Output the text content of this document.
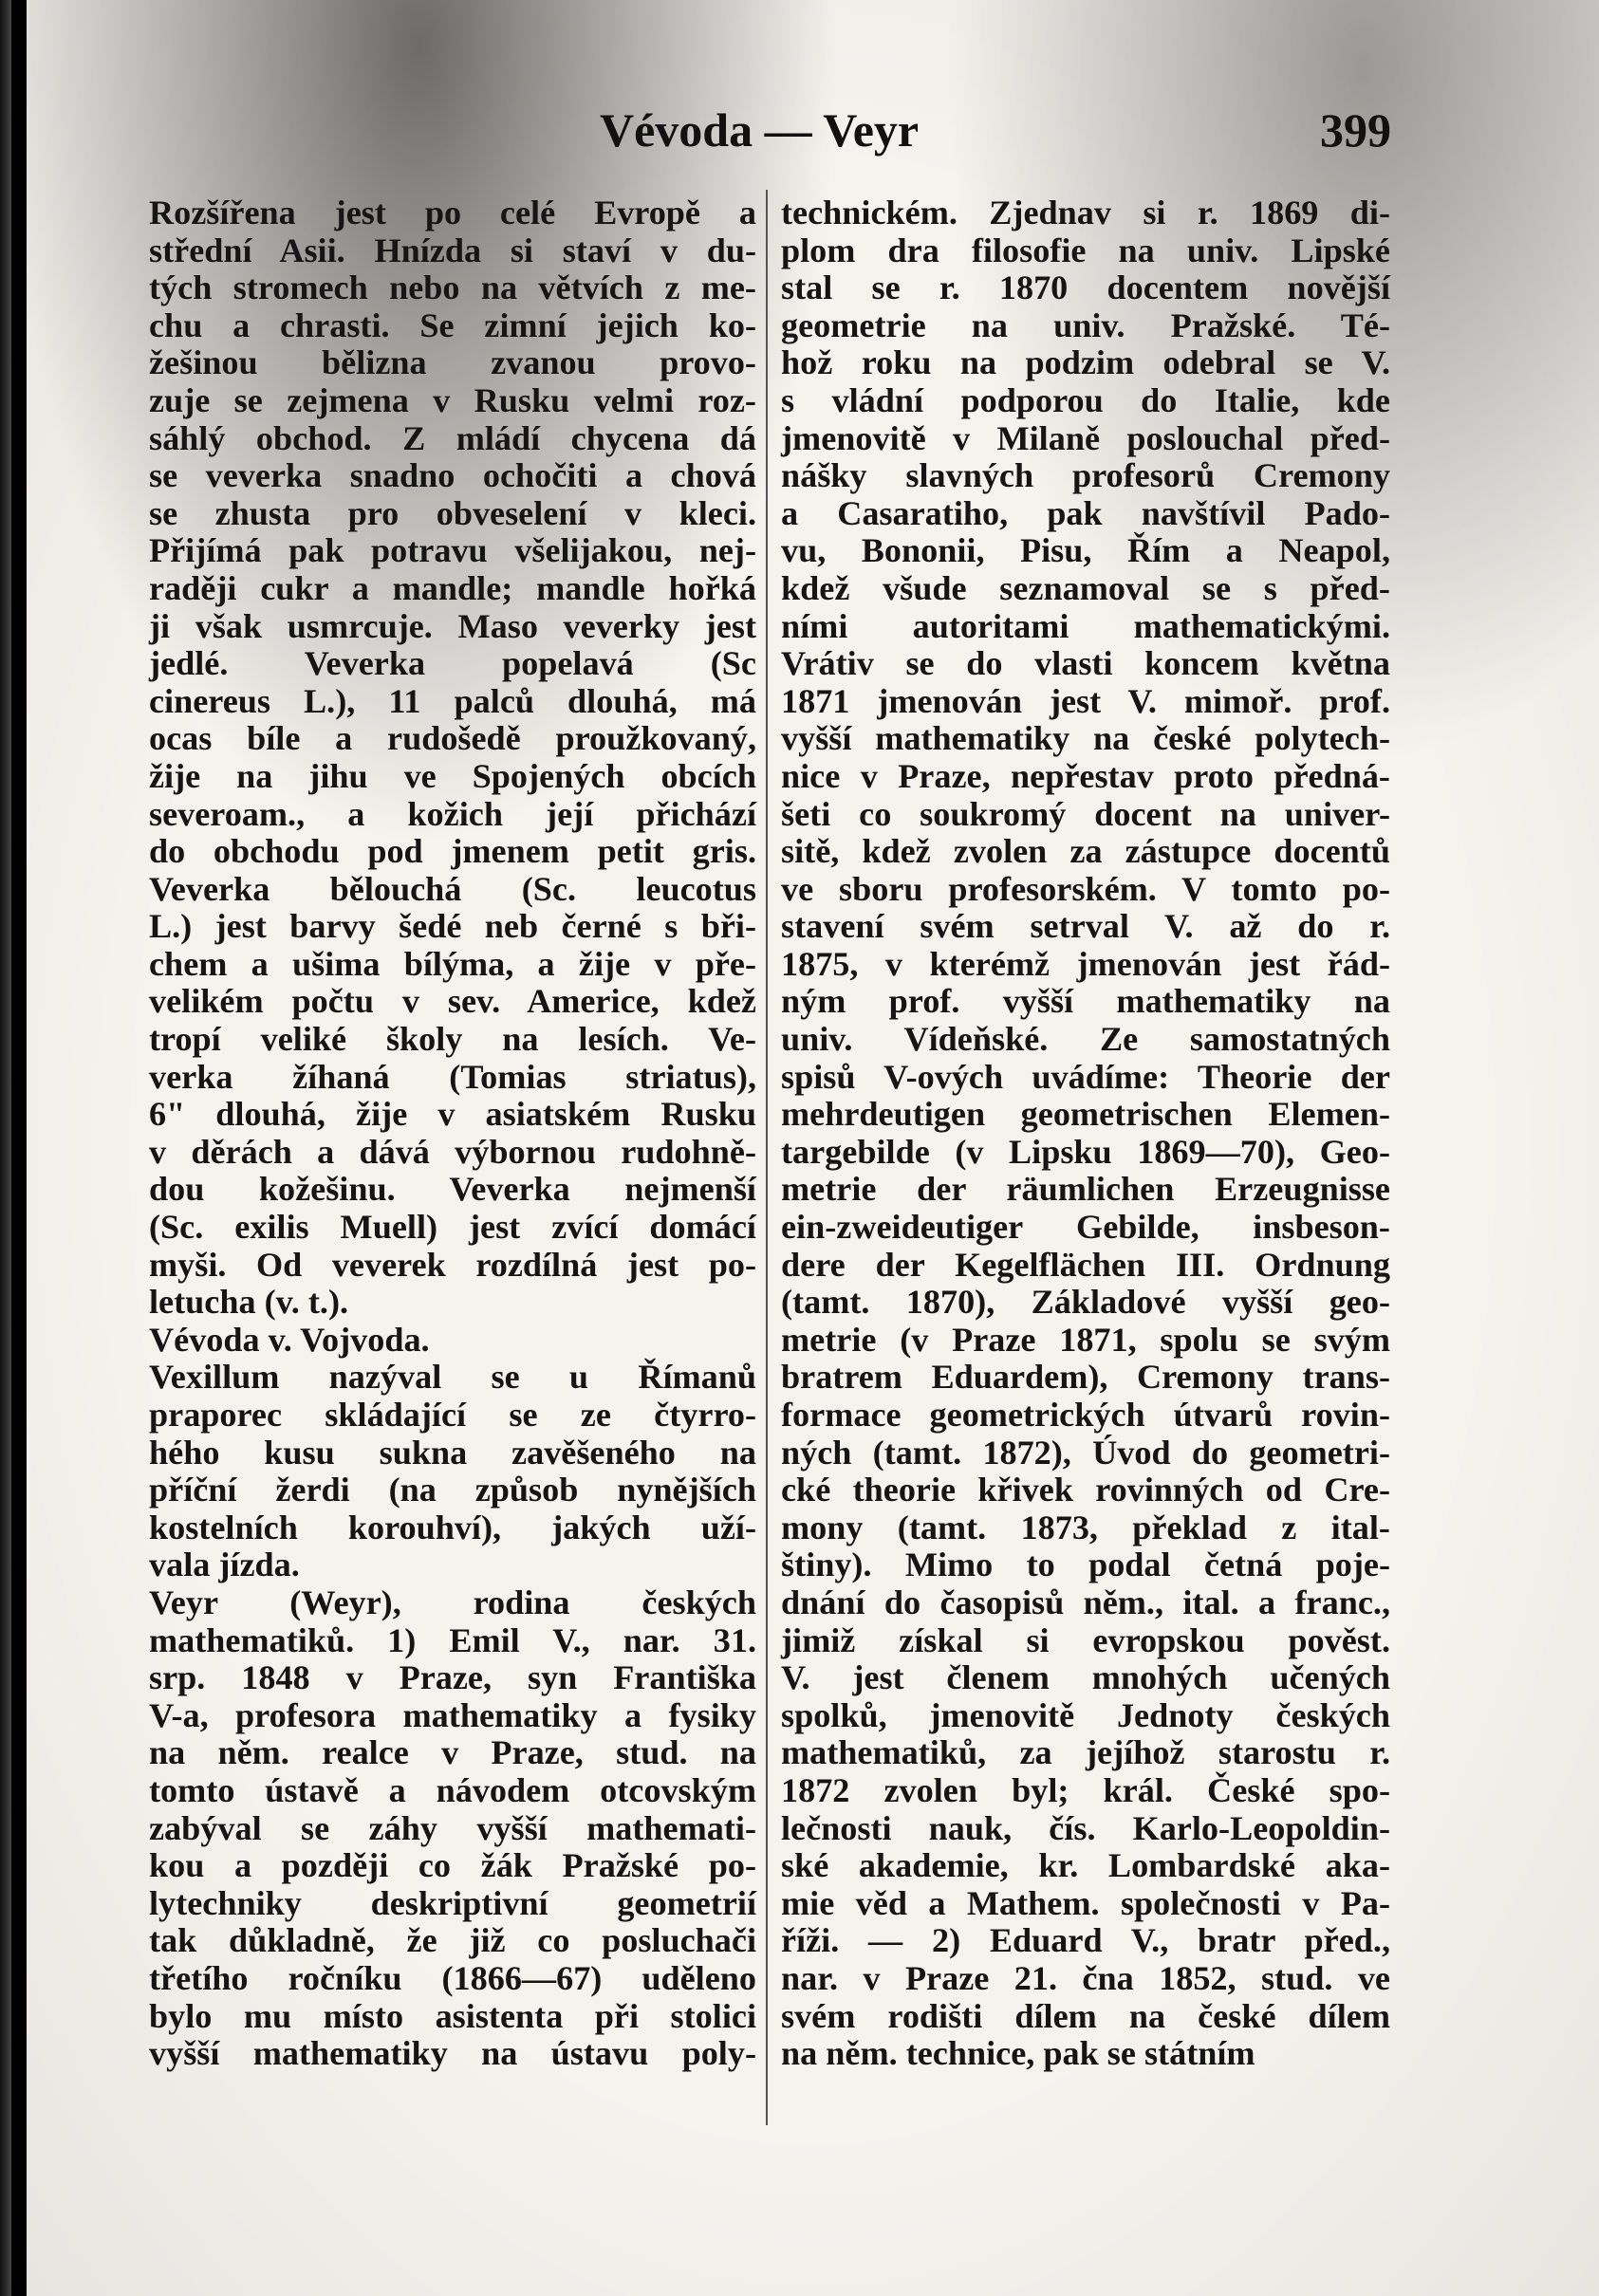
Vévoda — Veyr	399
Rozšířena jest po celé Evropě a
střední Asii. Hnízda si staví v du-
tých stromech nebo na větvích z me-
chu a chrasti. Se zimní jejich ko-
žešinou bělizna zvanou provo-
zuje se zejmena v Rusku velmi roz-
sáhlý obchod. Z mládí chycena dá
se veverka snadno ochočiti a chová
se zhusta pro obveselení v kleci.
Přijímá pak potravu všelijakou, nej-
raději cukr a mandle; mandle hořká
ji však usmrcuje. Maso veverky jest
jedlé. Veverka popelavá (Sc
cinereus L.), 11 palců dlouhá, má
ocas bíle a rudošedě proužkovaný,
žije na jihu ve Spojených obcích
severoam., a kožich její přichází
do obchodu pod jmenem petit gris.
Veverka bělouchá (Sc. leucotus
L.) jest barvy šedé neb černé s bři-
chem a ušima bílýma, a žije v pře-
velikém počtu v sev. Americe, kdež
tropí veliké školy na lesích. Ve-
verka žíhaná (Tomias striatus),
6" dlouhá, žije v asiatském Rusku
v děrách a dává výbornou rudohně-
dou kožešinu. Veverka nejmenší
(Sc. exilis Muell) jest zvící domácí
myši. Od veverek rozdílná jest po-
letucha (v. t.).
Vévoda v. Vojvoda.
Vexillum nazýval se u Římanů
praporec skládající se ze čtyrro-
hého kusu sukna zavěšeného na
příční žerdi (na způsob nynějších
kostelních korouhví), jakých uží-
vala jízda.
Veyr (Weyr), rodina českých
mathematiků. 1) Emil V., nar. 31.
srp. 1848 v Praze, syn Františka
V-a, profesora mathematiky a fysiky
na něm. realce v Praze, stud. na
tomto ústavě a návodem otcovským
zabýval se záhy vyšší mathemati-
kou a později co žák Pražské po-
lytechniky deskriptivní geometrií
tak důkladně, že již co posluchači
třetího ročníku (1866—67) uděleno
bylo mu místo asistenta při stolici
vyšší mathematiky na ústavu poly-
technickém. Zjednav si r. 1869 di-
plom dra filosofie na univ. Lipské
stal se r. 1870 docentem novější
geometrie na univ. Pražské. Té-
hož roku na podzim odebral se V.
s vládní podporou do Italie, kde
jmenovitě v Milaně poslouchal před-
nášky slavných profesorů Cremony
a Casaratiho, pak navštívil Pado-
vu, Bononii, Pisu, Řím a Neapol,
kdež všude seznamoval se s před-
ními autoritami mathematickými.
Vrátiv se do vlasti koncem května
1871 jmenován jest V. mimoř. prof.
vyšší mathematiky na české polytech-
nice v Praze, nepřestav proto předná-
šeti co soukromý docent na univer-
sitě, kdež zvolen za zástupce docentů
ve sboru profesorském. V tomto po-
stavení svém setrval V. až do r.
1875, v kterémž jmenován jest řád-
ným prof. vyšší mathematiky na
univ. Vídeňské. Ze samostatných
spisů V-ových uvádíme: Theorie der
mehrdeutigen geometrischen Elemen-
targebilde (v Lipsku 1869—70), Geo-
metrie der räumlichen Erzeugnisse
ein-zweideutiger Gebilde, insbeson-
dere der Kegelflächen III. Ordnung
(tamt. 1870), Základové vyšší geo-
metrie (v Praze 1871, spolu se svým
bratrem Eduardem), Cremony trans-
formace geometrických útvarů rovin-
ných (tamt. 1872), Úvod do geometri-
cké theorie křivek rovinných od Cre-
mony (tamt. 1873, překlad z ital-
štiny). Mimo to podal četná poje-
dnání do časopisů něm., ital. a franc.,
jimiž získal si evropskou pověst.
V. jest členem mnohých učených
spolků, jmenovitě Jednoty českých
mathematiků, za jejíhož starostu r.
1872 zvolen byl; král. České spo-
lečnosti nauk, čís. Karlo-Leopoldin-
ské akademie, kr. Lombardské aka-
mie věd a Mathem. společnosti v Pa-
říži. — 2) Eduard V., bratr před.,
nar. v Praze 21. čna 1852, stud. ve
svém rodišti dílem na české dílem
na něm. technice, pak se státním
